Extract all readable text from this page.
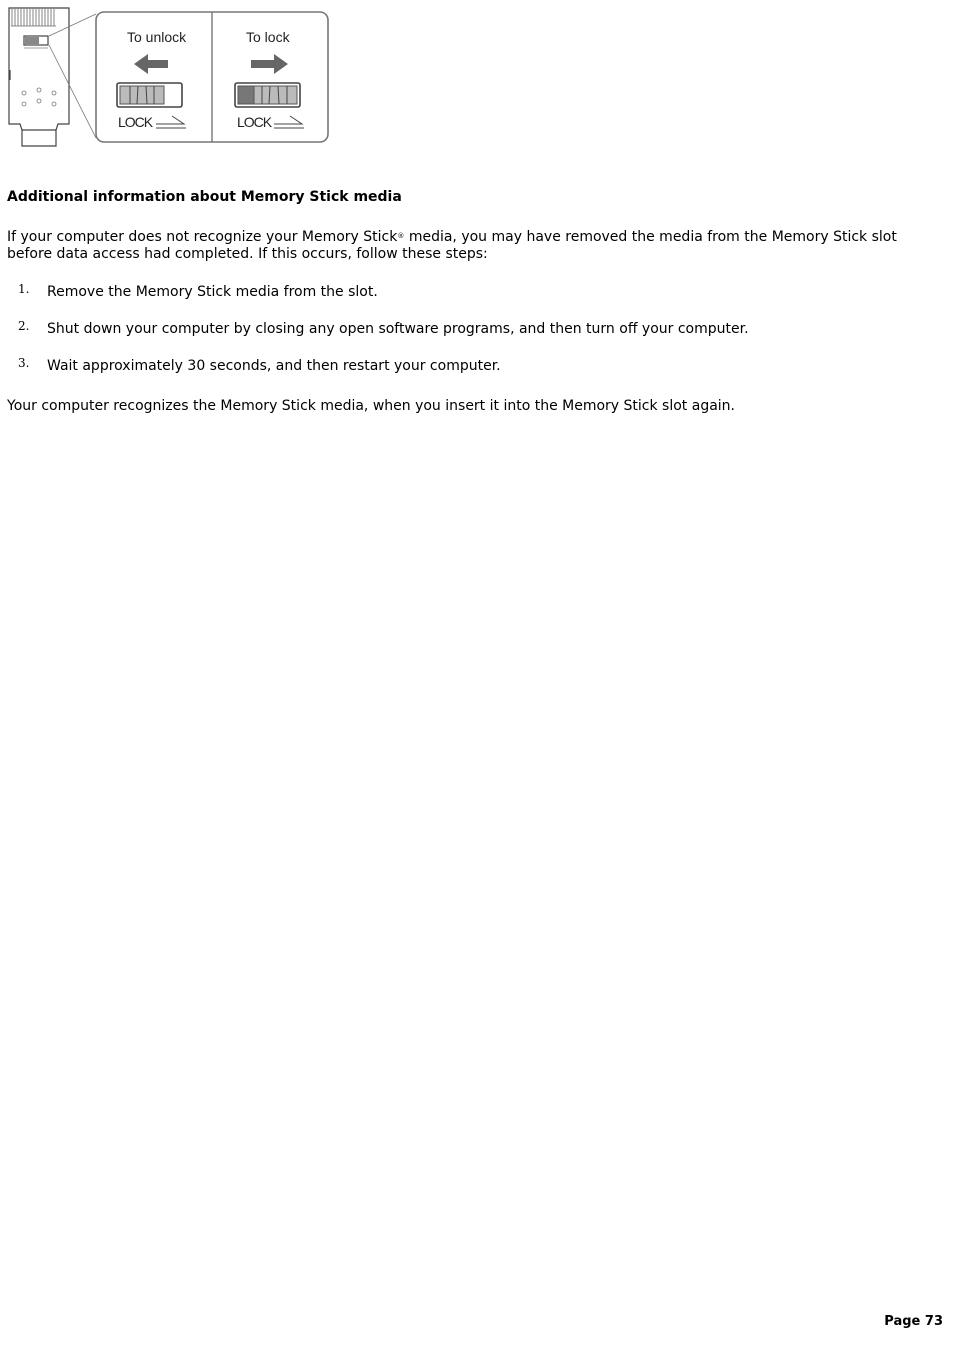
To unlock
LOCK
To lock
LOCK
Additional information about Memory Stick media

If your computer does not recognize your Memory Stick® media, you may have removed the media from the Memory Stick slot before data access had completed. If this occurs, follow these steps:

1. Remove the Memory Stick media from the slot.
2. Shut down your computer by closing any open software programs, and then turn off your computer.
3. Wait approximately 30 seconds, and then restart your computer.

Your computer recognizes the Memory Stick media, when you insert it into the Memory Stick slot again.

Page 73
